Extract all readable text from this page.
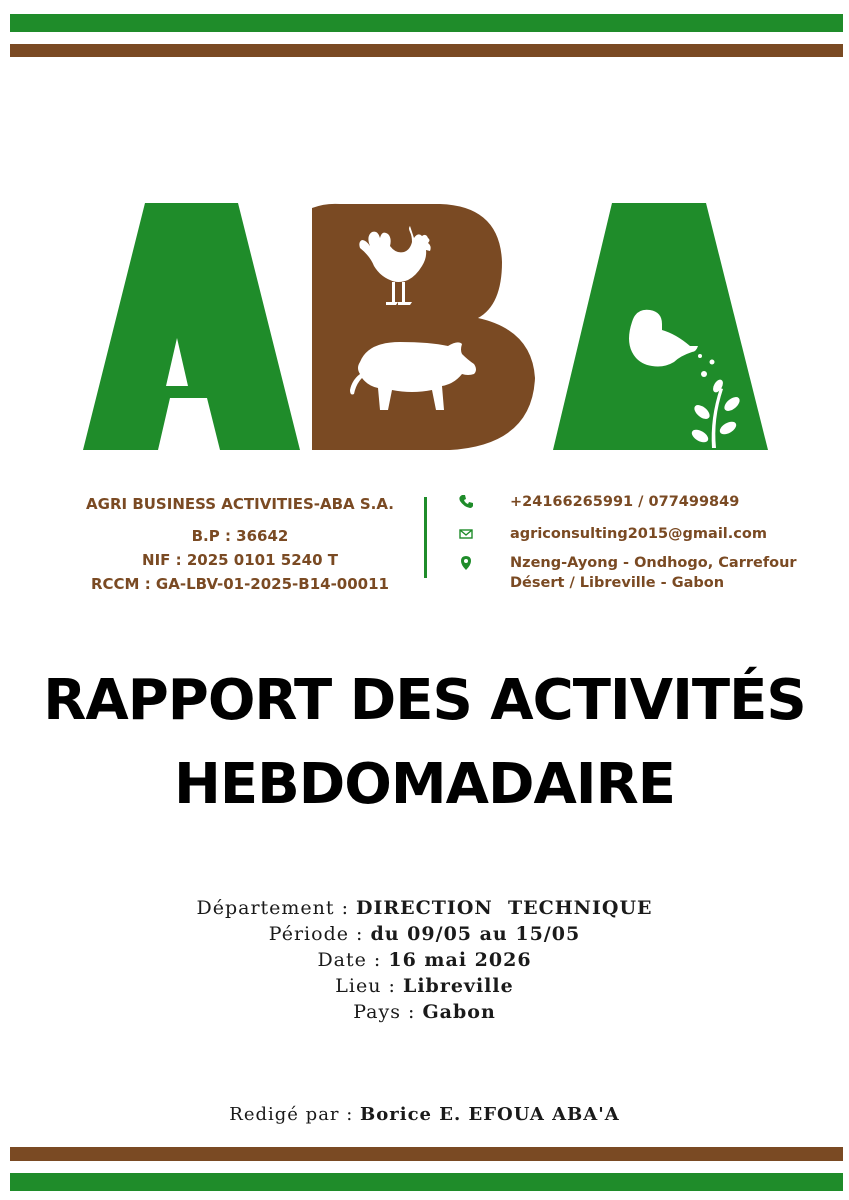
AGRI BUSINESS ACTIVITIES-ABA S.A.
B.P : 36642
NIF : 2025 0101 5240 T
RCCM : GA-LBV-01-2025-B14-00011
+24166265991 / 077499849
agriconsulting2015@gmail.com
Nzeng-Ayong - Ondhogo, Carrefour
Désert / Libreville - Gabon
RAPPORT DES ACTIVITÉS
HEBDOMADAIRE
Département : DIRECTION  TECHNIQUE
Période : du 09/05 au 15/05
Date : 16 mai 2026
Lieu : Libreville
Pays : Gabon
Redigé par : Borice E. EFOUA ABA'A
